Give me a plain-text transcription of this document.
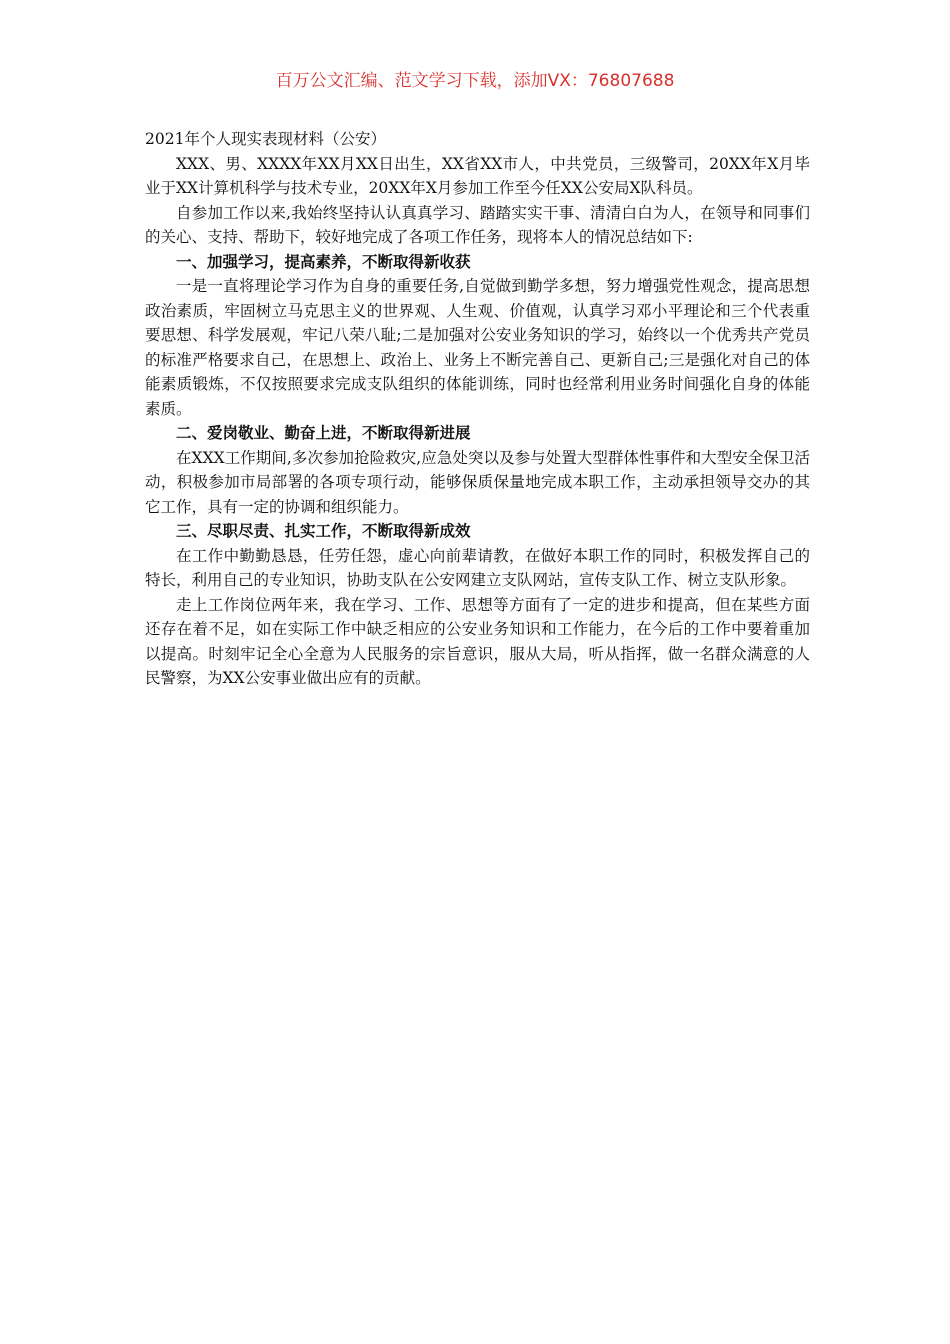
百万公文汇编、范文学习下载，添加VX：76807688
2021年个人现实表现材料（公安）

XXX、男、XXXX年XX月XX日出生，XX省XX市人，中共党员，三级警司，20XX年X月毕业于XX计算机科学与技术专业，20XX年X月参加工作至今任XX公安局X队科员。

自参加工作以来,我始终坚持认认真真学习、踏踏实实干事、清清白白为人，在领导和同事们的关心、支持、帮助下，较好地完成了各项工作任务，现将本人的情况总结如下:

一、加强学习，提高素养，不断取得新收获

一是一直将理论学习作为自身的重要任务,自觉做到勤学多想，努力增强党性观念，提高思想政治素质，牢固树立马克思主义的世界观、人生观、价值观，认真学习邓小平理论和三个代表重要思想、科学发展观，牢记八荣八耻;二是加强对公安业务知识的学习，始终以一个优秀共产党员的标准严格要求自己，在思想上、政治上、业务上不断完善自己、更新自己;三是强化对自己的体能素质锻炼，不仅按照要求完成支队组织的体能训练，同时也经常利用业务时间强化自身的体能素质。

二、爱岗敬业、勤奋上进，不断取得新进展

在XXX工作期间,多次参加抢险救灾,应急处突以及参与处置大型群体性事件和大型安全保卫活动，积极参加市局部署的各项专项行动，能够保质保量地完成本职工作，主动承担领导交办的其它工作，具有一定的协调和组织能力。

三、尽职尽责、扎实工作，不断取得新成效

在工作中勤勤恳恳，任劳任怨，虚心向前辈请教，在做好本职工作的同时，积极发挥自己的特长，利用自己的专业知识，协助支队在公安网建立支队网站，宣传支队工作、树立支队形象。

走上工作岗位两年来，我在学习、工作、思想等方面有了一定的进步和提高，但在某些方面还存在着不足，如在实际工作中缺乏相应的公安业务知识和工作能力，在今后的工作中要着重加以提高。时刻牢记全心全意为人民服务的宗旨意识，服从大局，听从指挥，做一名群众满意的人民警察，为XX公安事业做出应有的贡献。
